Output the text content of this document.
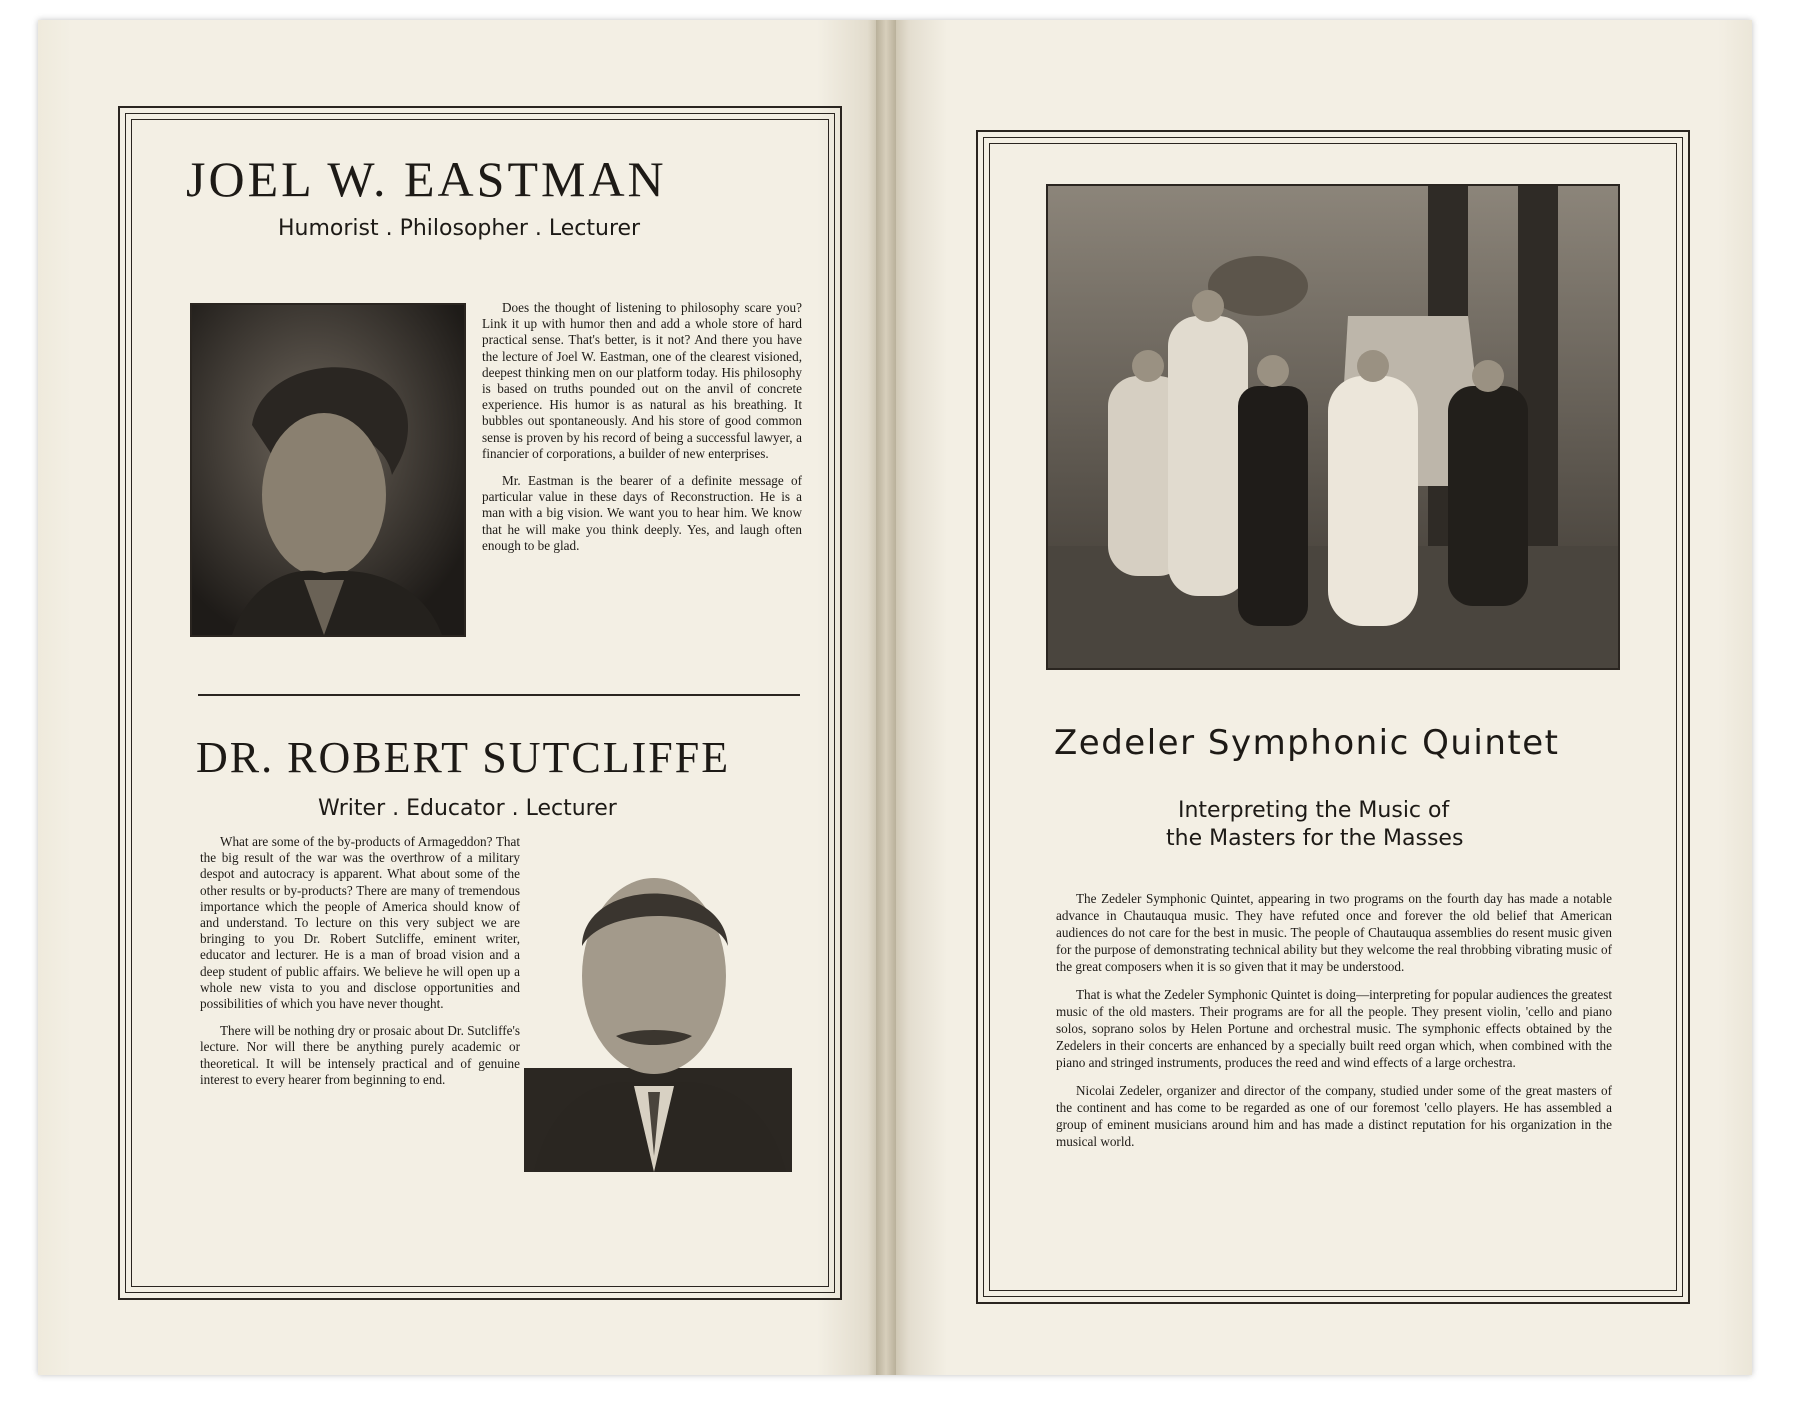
JOEL W. EASTMAN
Humorist . Philosopher . Lecturer

Does the thought of listening to philosophy scare you? Link it up with humor then and add a whole store of hard practical sense. That's better, is it not? And there you have the lecture of Joel W. Eastman, one of the clearest visioned, deepest thinking men on our platform today. His philosophy is based on truths pounded out on the anvil of concrete experience. His humor is as natural as his breathing. It bubbles out spontaneously. And his store of good common sense is proven by his record of being a successful lawyer, a financier of corporations, a builder of new enterprises.

Mr. Eastman is the bearer of a definite message of particular value in these days of Reconstruction. He is a man with a big vision. We want you to hear him. We know that he will make you think deeply. Yes, and laugh often enough to be glad.

DR. ROBERT SUTCLIFFE
Writer . Educator . Lecturer

What are some of the by-products of Armageddon? That the big result of the war was the overthrow of a military despot and autocracy is apparent. What about some of the other results or by-products? There are many of tremendous importance which the people of America should know of and understand. To lecture on this very subject we are bringing to you Dr. Robert Sutcliffe, eminent writer, educator and lecturer. He is a man of broad vision and a deep student of public affairs. We believe he will open up a whole new vista to you and disclose opportunities and possibilities of which you have never thought.

There will be nothing dry or prosaic about Dr. Sutcliffe's lecture. Nor will there be anything purely academic or theoretical. It will be intensely practical and of genuine interest to every hearer from beginning to end.

Zedeler Symphonic Quintet
Interpreting the Music of
the Masters for the Masses

The Zedeler Symphonic Quintet, appearing in two programs on the fourth day has made a notable advance in Chautauqua music. They have refuted once and forever the old belief that American audiences do not care for the best in music. The people of Chautauqua assemblies do resent music given for the purpose of demonstrating technical ability but they welcome the real throbbing vibrating music of the great composers when it is so given that it may be understood.

That is what the Zedeler Symphonic Quintet is doing—interpreting for popular audiences the greatest music of the old masters. Their programs are for all the people. They present violin, 'cello and piano solos, soprano solos by Helen Portune and orchestral music. The symphonic effects obtained by the Zedelers in their concerts are enhanced by a specially built reed organ which, when combined with the piano and stringed instruments, produces the reed and wind effects of a large orchestra.

Nicolai Zedeler, organizer and director of the company, studied under some of the great masters of the continent and has come to be regarded as one of our foremost 'cello players. He has assembled a group of eminent musicians around him and has made a distinct reputation for his organization in the musical world.
